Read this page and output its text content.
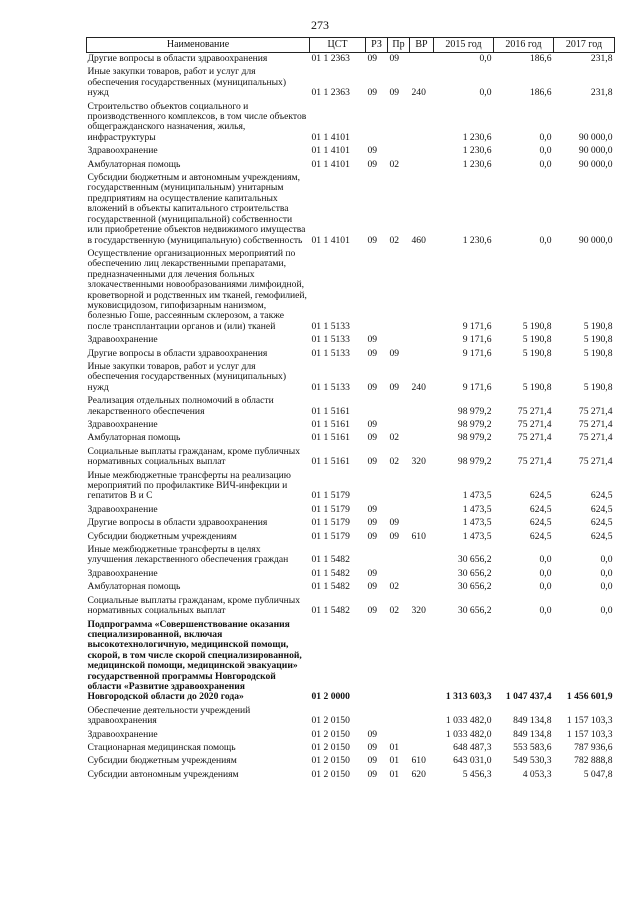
273
Наименование	ЦСТ	РЗ	Пр	ВР	2015 год	2016 год	2017 год
Другие вопросы в области здравоохранения	01 1 2363	09	09		0,0	186,6	231,8
Иные закупки товаров, работ и услуг для обеспечения государственных (муниципальных) нужд	01 1 2363	09	09	240	0,0	186,6	231,8
Строительство объектов социального и производственного комплексов, в том числе объектов общегражданского назначения, жилья, инфраструктуры	01 1 4101				1 230,6	0,0	90 000,0
Здравоохранение	01 1 4101	09			1 230,6	0,0	90 000,0
Амбулаторная помощь	01 1 4101	09	02		1 230,6	0,0	90 000,0
Субсидии бюджетным и автономным учреждениям, государственным (муниципальным) унитарным предприятиям на осуществление капитальных вложений в объекты капитального строительства государственной (муниципальной) собственности или приобретение объектов недвижимого имущества в государственную (муниципальную) собственность	01 1 4101	09	02	460	1 230,6	0,0	90 000,0
Осуществление организационных мероприятий по обеспечению лиц лекарственными препаратами, предназначенными для лечения больных злокачественными новообразованиями лимфоидной, кроветворной и родственных им тканей, гемофилией, муковисцидозом, гипофизарным нанизмом, болезнью Гоше, рассеянным склерозом, а также после трансплантации органов и (или) тканей	01 1 5133				9 171,6	5 190,8	5 190,8
Здравоохранение	01 1 5133	09			9 171,6	5 190,8	5 190,8
Другие вопросы в области здравоохранения	01 1 5133	09	09		9 171,6	5 190,8	5 190,8
Иные закупки товаров, работ и услуг для обеспечения государственных (муниципальных) нужд	01 1 5133	09	09	240	9 171,6	5 190,8	5 190,8
Реализация отдельных полномочий в области лекарственного обеспечения	01 1 5161				98 979,2	75 271,4	75 271,4
Здравоохранение	01 1 5161	09			98 979,2	75 271,4	75 271,4
Амбулаторная помощь	01 1 5161	09	02		98 979,2	75 271,4	75 271,4
Социальные выплаты гражданам, кроме публичных нормативных социальных выплат	01 1 5161	09	02	320	98 979,2	75 271,4	75 271,4
Иные межбюджетные трансферты на реализацию мероприятий по профилактике ВИЧ-инфекции и гепатитов В и С	01 1 5179				1 473,5	624,5	624,5
Здравоохранение	01 1 5179	09			1 473,5	624,5	624,5
Другие вопросы в области здравоохранения	01 1 5179	09	09		1 473,5	624,5	624,5
Субсидии бюджетным учреждениям	01 1 5179	09	09	610	1 473,5	624,5	624,5
Иные межбюджетные трансферты в целях улучшения лекарственного обеспечения граждан	01 1 5482				30 656,2	0,0	0,0
Здравоохранение	01 1 5482	09			30 656,2	0,0	0,0
Амбулаторная помощь	01 1 5482	09	02		30 656,2	0,0	0,0
Социальные выплаты гражданам, кроме публичных нормативных социальных выплат	01 1 5482	09	02	320	30 656,2	0,0	0,0
Подпрограмма «Совершенствование оказания специализированной, включая высокотехнологичную, медицинской помощи, скорой, в том числе скорой специализированной, медицинской помощи, медицинской эвакуации» государственной программы Новгородской области «Развитие здравоохранения Новгородской области до 2020 года»	01 2 0000				1 313 603,3	1 047 437,4	1 456 601,9
Обеспечение деятельности учреждений здравоохранения	01 2 0150				1 033 482,0	849 134,8	1 157 103,3
Здравоохранение	01 2 0150	09			1 033 482,0	849 134,8	1 157 103,3
Стационарная медицинская помощь	01 2 0150	09	01		648 487,3	553 583,6	787 936,6
Субсидии бюджетным учреждениям	01 2 0150	09	01	610	643 031,0	549 530,3	782 888,8
Субсидии автономным учреждениям	01 2 0150	09	01	620	5 456,3	4 053,3	5 047,8
